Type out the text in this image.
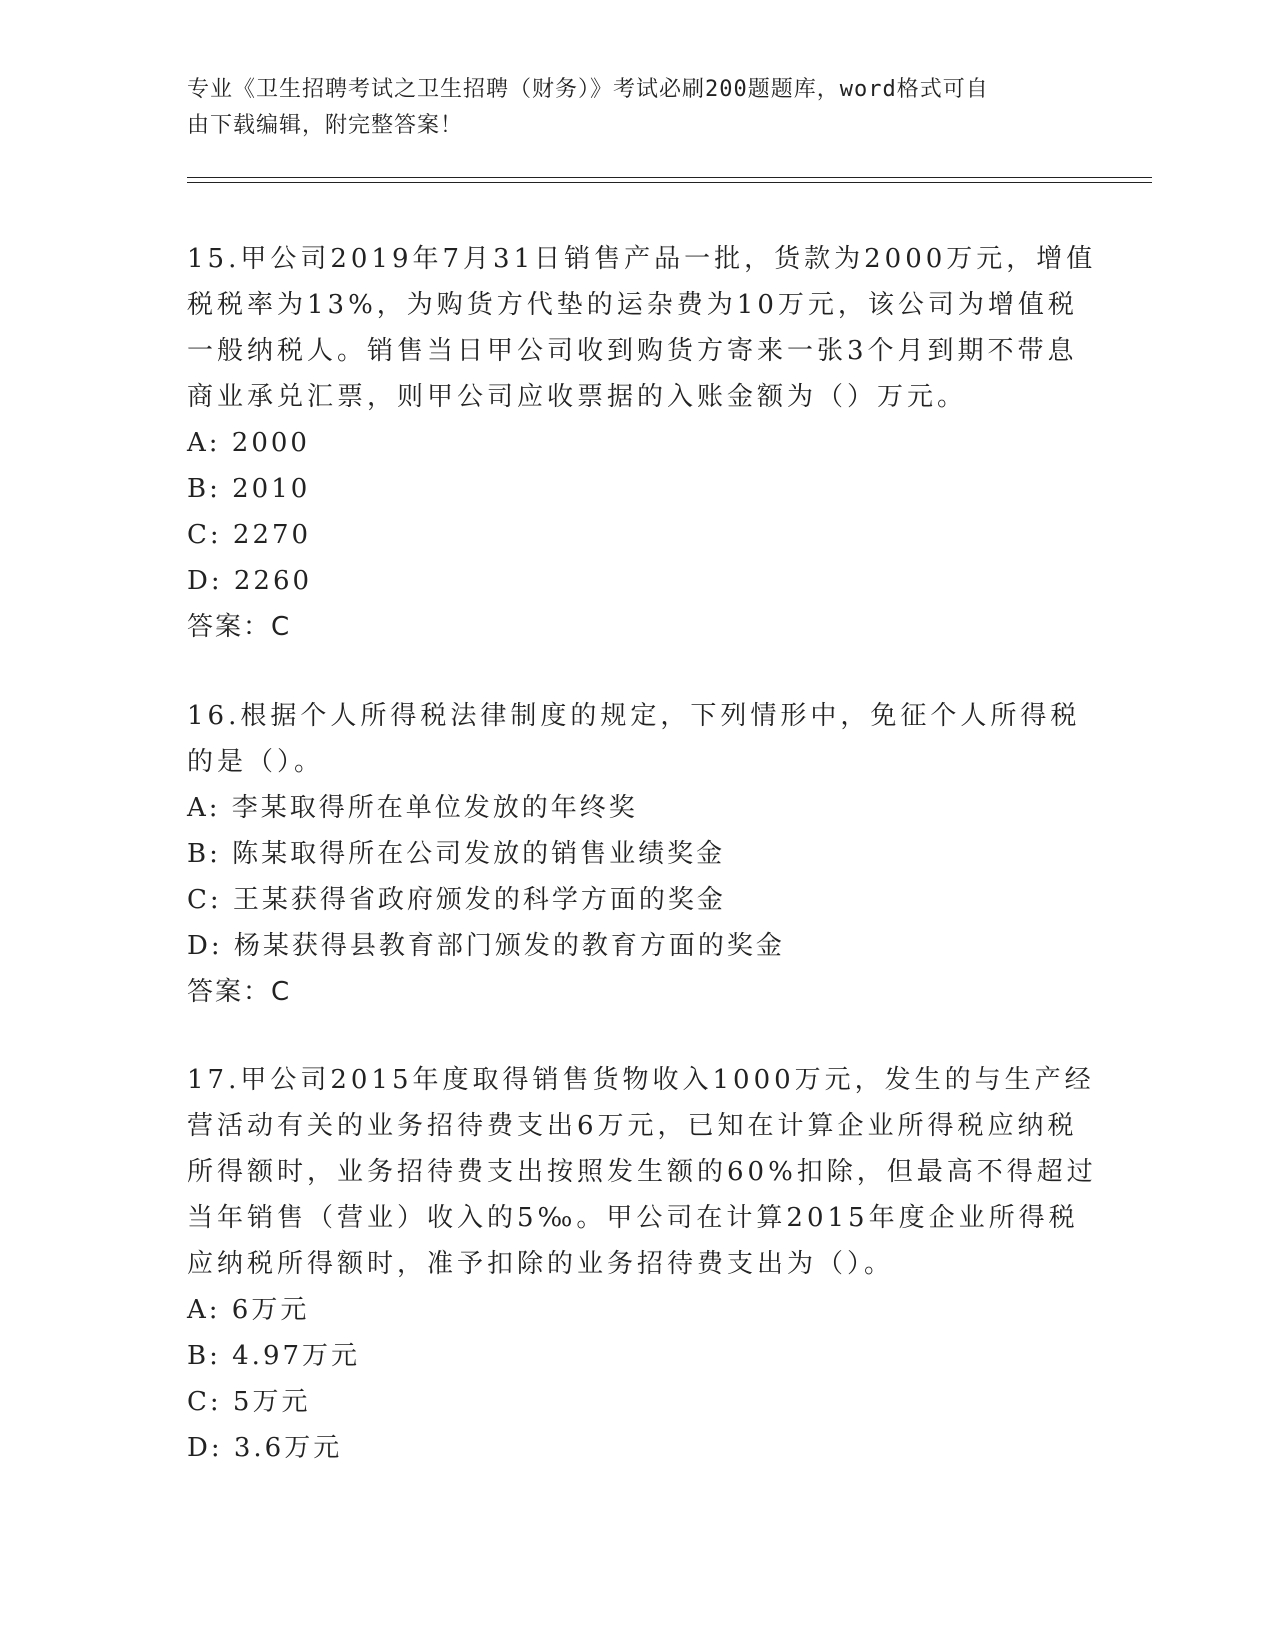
专业《卫生招聘考试之卫生招聘（财务）》考试必刷200题题库，word格式可自
由下载编辑，附完整答案！

15.甲公司2019年7月31日销售产品一批，货款为2000万元，增值税税率为13%，为购货方代垫的运杂费为10万元，该公司为增值税一般纳税人。销售当日甲公司收到购货方寄来一张3个月到期不带息商业承兑汇票，则甲公司应收票据的入账金额为（）万元。

A: 2000

B: 2010

C: 2270

D: 2260

答案：C

16.根据个人所得税法律制度的规定，下列情形中，免征个人所得税的是（）。

A: 李某取得所在单位发放的年终奖

B: 陈某取得所在公司发放的销售业绩奖金

C: 王某获得省政府颁发的科学方面的奖金

D: 杨某获得县教育部门颁发的教育方面的奖金

答案：C

17.甲公司2015年度取得销售货物收入1000万元，发生的与生产经营活动有关的业务招待费支出6万元，已知在计算企业所得税应纳税所得额时，业务招待费支出按照发生额的60%扣除，但最高不得超过当年销售（营业）收入的5‰。甲公司在计算2015年度企业所得税应纳税所得额时，准予扣除的业务招待费支出为（）。

A: 6万元

B: 4.97万元

C: 5万元

D: 3.6万元
